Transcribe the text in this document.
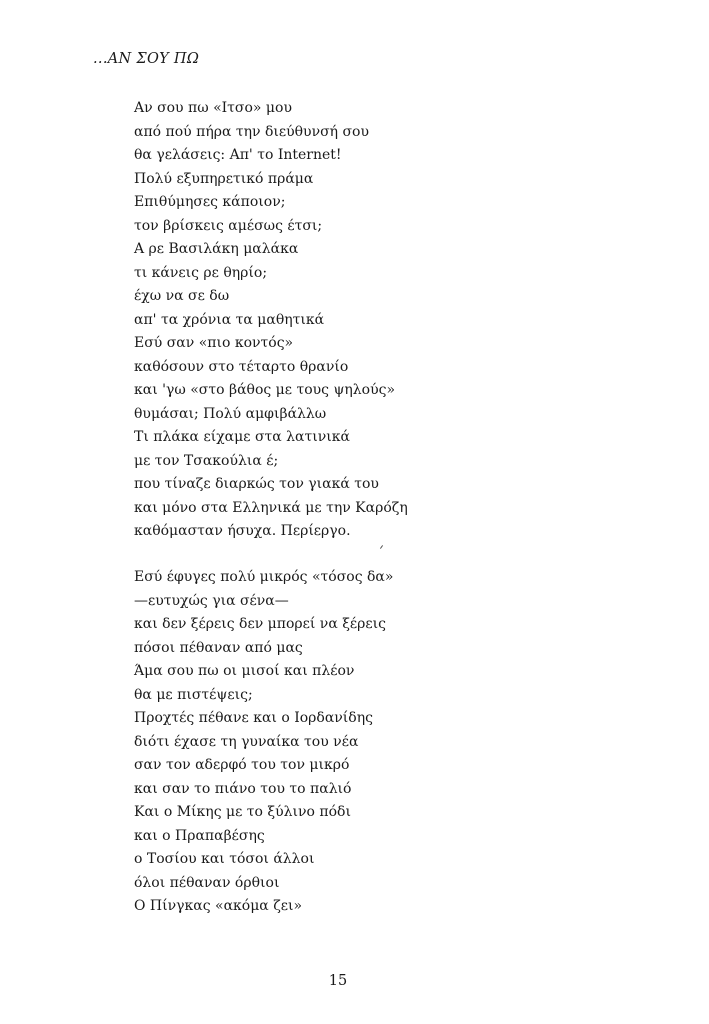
...ΑΝ ΣΟΥ ΠΩ
Αν σου πω «Ιτσο» μου
από πού πήρα την διεύθυνσή σου
θα γελάσεις: Απ' το Internet!
Πολύ εξυπηρετικό πράμα
Επιθύμησες κάποιον;
τον βρίσκεις αμέσως έτσι;
Α ρε Βασιλάκη μαλάκα
τι κάνεις ρε θηρίο;
έχω να σε δω
απ' τα χρόνια τα μαθητικά
Εσύ σαν «πιο κοντός»
καθόσουν στο τέταρτο θρανίο
και 'γω «στο βάθος με τους ψηλούς»
θυμάσαι; Πολύ αμφιβάλλω
Τι πλάκα είχαμε στα λατινικά
με τον Τσακούλια έ;
που τίναζε διαρκώς τον γιακά του
και μόνο στα Ελληνικά με την Καρόζη
καθόμασταν ήσυχα. Περίεργο.
Εσύ έφυγες πολύ μικρός «τόσος δα»
—ευτυχώς για σένα—
και δεν ξέρεις δεν μπορεί να ξέρεις
πόσοι πέθαναν από μας
Άμα σου πω οι μισοί και πλέον
θα με πιστέψεις;
Προχτές πέθανε και ο Ιορδανίδης
διότι έχασε τη γυναίκα του νέα
σαν τον αδερφό του τον μικρό
και σαν το πιάνο του το παλιό
Και ο Μίκης με το ξύλινο πόδι
και ο Πραπαβέσης
ο Τοσίου και τόσοι άλλοι
όλοι πέθαναν όρθιοι
Ο Πίνγκας «ακόμα ζει»
15
